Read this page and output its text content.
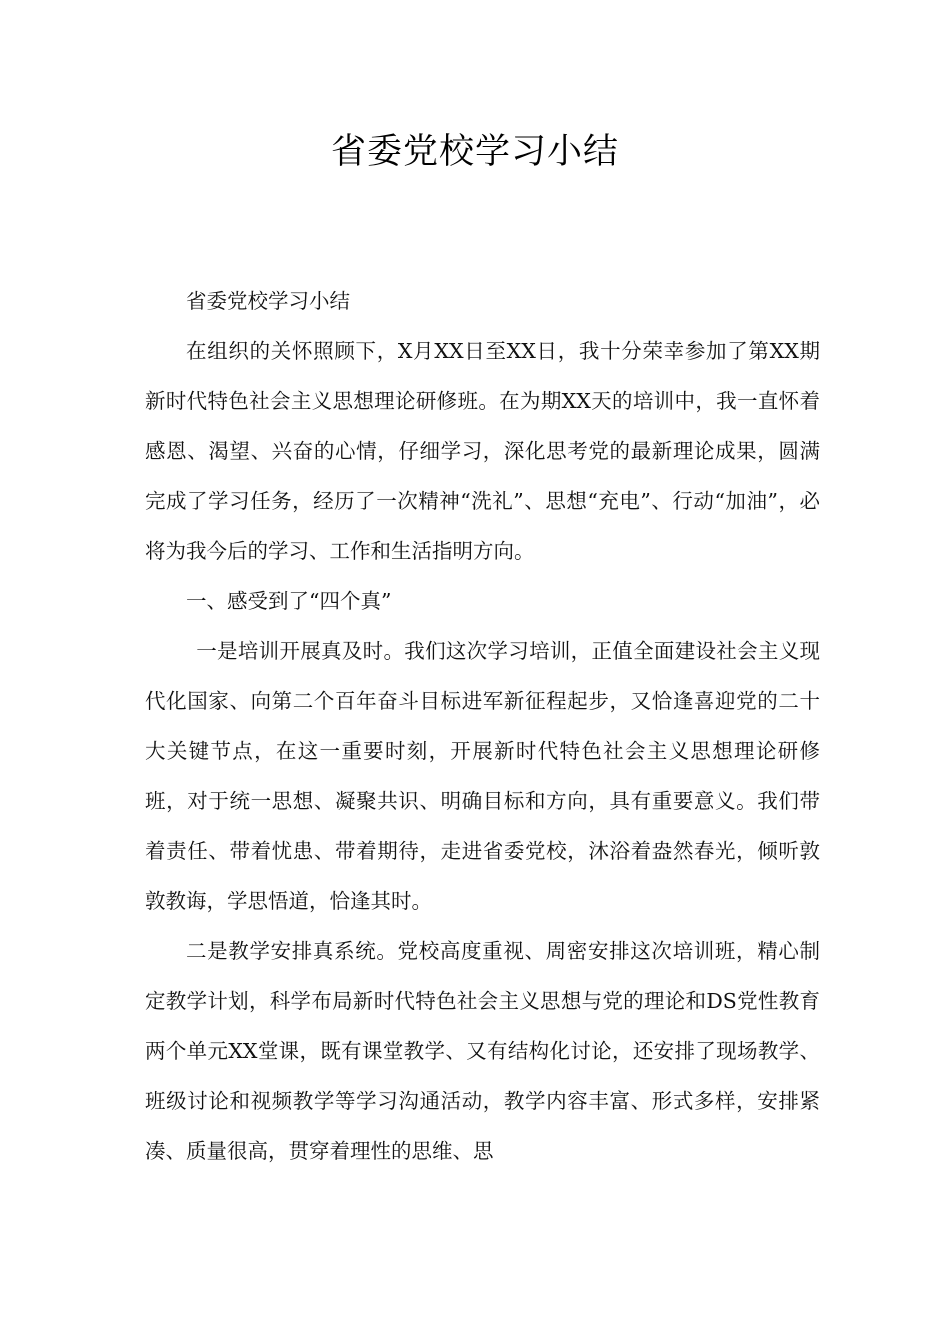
省委党校学习小结

省委党校学习小结

在组织的关怀照顾下，X月XX日至XX日，我十分荣幸参加了第XX期新时代特色社会主义思想理论研修班。在为期XX天的培训中，我一直怀着感恩、渴望、兴奋的心情，仔细学习，深化思考党的最新理论成果，圆满完成了学习任务，经历了一次精神“洗礼”、思想“充电”、行动“加油”，必将为我今后的学习、工作和生活指明方向。

一、感受到了“四个真”

一是培训开展真及时。我们这次学习培训，正值全面建设社会主义现代化国家、向第二个百年奋斗目标进军新征程起步，又恰逢喜迎党的二十大关键节点，在这一重要时刻，开展新时代特色社会主义思想理论研修班，对于统一思想、凝聚共识、明确目标和方向，具有重要意义。我们带着责任、带着忧患、带着期待，走进省委党校，沐浴着盎然春光，倾听敦敦教诲，学思悟道，恰逢其时。

二是教学安排真系统。党校高度重视、周密安排这次培训班，精心制定教学计划，科学布局新时代特色社会主义思想与党的理论和DS党性教育两个单元XX堂课，既有课堂教学、又有结构化讨论，还安排了现场教学、班级讨论和视频教学等学习沟通活动，教学内容丰富、形式多样，安排紧凑、质量很高，贯穿着理性的思维、思
